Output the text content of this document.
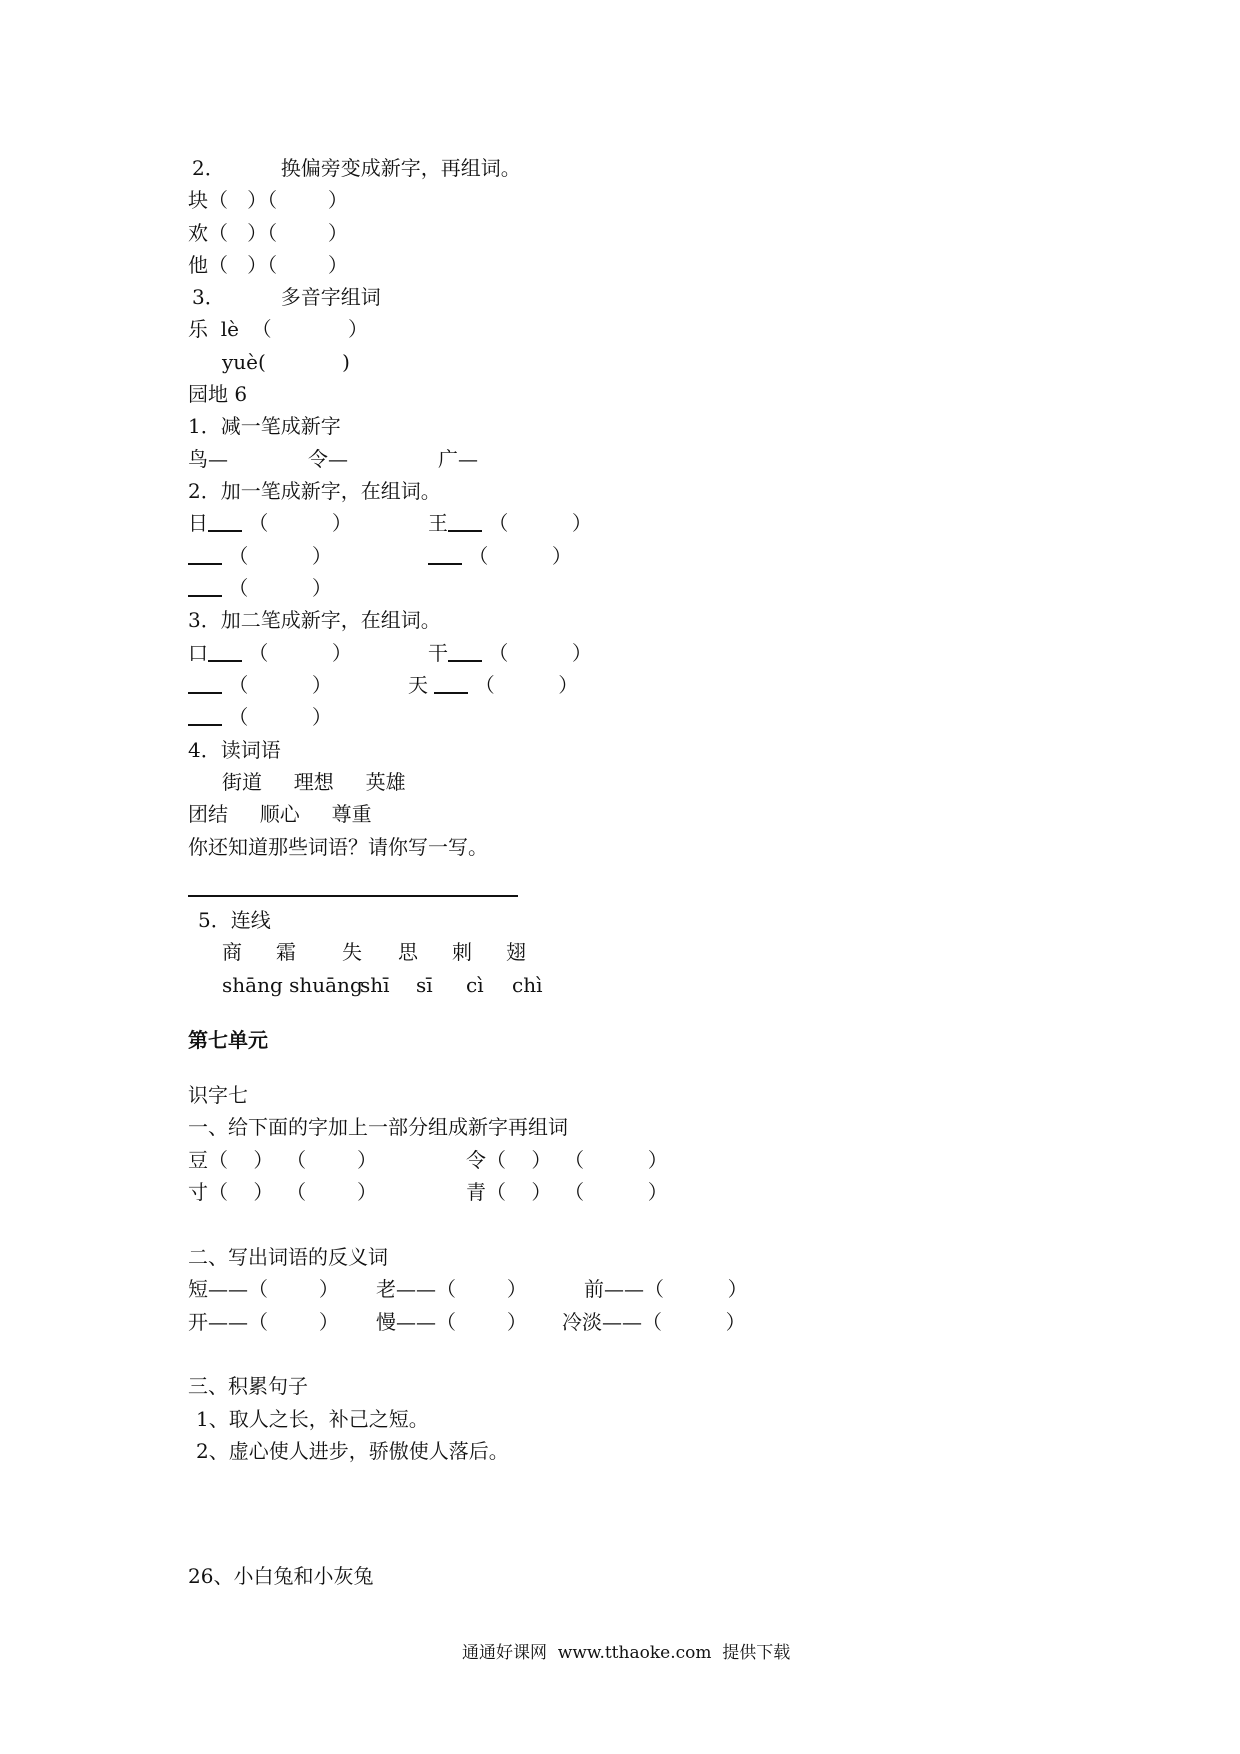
2．	换偏旁变成新字，再组词。
块（   ）（        ）
欢（   ）（        ）
他（   ）（        ）
3．	多音字组词
乐  lè  （            ）
yuè(            )
园地 6
1．减一笔成新字
鸟—	令—	广—
2．加一笔成新字，在组词。
日 （          ）	王 （          ）
（          ）	（          ）
（          ）
3．加二笔成新字，在组词。
口 （          ）	干 （          ）
（          ）	天  （          ）
（          ）
4．读词语
街道     理想     英雄
团结     顺心     尊重
你还知道那些词语？请你写一写。
5．连线
商 霜 失 思 刺 翅
shāng shuāng
shī sī cì chì
第七单元
识字七
一、给下面的字加上一部分组成新字再组词
豆（    ）  （        ）	令（    ）  （          ）
寸（    ）  （        ）	青（    ）  （          ）
二、写出词语的反义词
短——（        ） 老——（        ）	前——（          ）
开——（        ） 慢——（        ） 冷淡——（          ）
三、积累句子
1、取人之长，补己之短。
2、虚心使人进步，骄傲使人落后。
26、小白兔和小灰兔
通通好课网  www.tthaoke.com  提供下载
